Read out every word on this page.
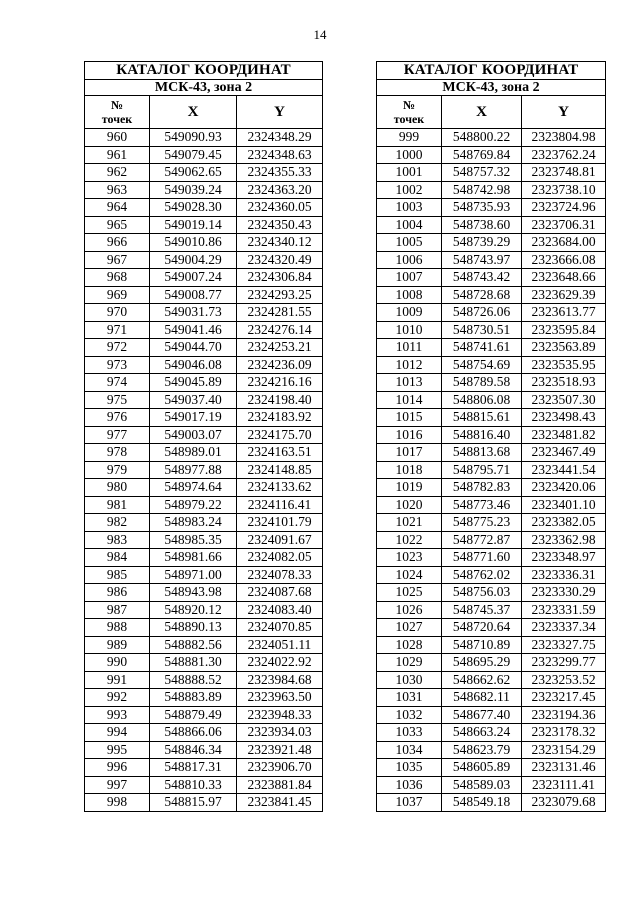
14
КАТАЛОГ КООРДИНАТ		
МСК-43, зона 2		
№
точек	X	Y
960	549090.93	2324348.29
961	549079.45	2324348.63
962	549062.65	2324355.33
963	549039.24	2324363.20
964	549028.30	2324360.05
965	549019.14	2324350.43
966	549010.86	2324340.12
967	549004.29	2324320.49
968	549007.24	2324306.84
969	549008.77	2324293.25
970	549031.73	2324281.55
971	549041.46	2324276.14
972	549044.70	2324253.21
973	549046.08	2324236.09
974	549045.89	2324216.16
975	549037.40	2324198.40
976	549017.19	2324183.92
977	549003.07	2324175.70
978	548989.01	2324163.51
979	548977.88	2324148.85
980	548974.64	2324133.62
981	548979.22	2324116.41
982	548983.24	2324101.79
983	548985.35	2324091.67
984	548981.66	2324082.05
985	548971.00	2324078.33
986	548943.98	2324087.68
987	548920.12	2324083.40
988	548890.13	2324070.85
989	548882.56	2324051.11
990	548881.30	2324022.92
991	548888.52	2323984.68
992	548883.89	2323963.50
993	548879.49	2323948.33
994	548866.06	2323934.03
995	548846.34	2323921.48
996	548817.31	2323906.70
997	548810.33	2323881.84
998	548815.97	2323841.45
КАТАЛОГ КООРДИНАТ		
МСК-43, зона 2		
№
точек	X	Y
999	548800.22	2323804.98
1000	548769.84	2323762.24
1001	548757.32	2323748.81
1002	548742.98	2323738.10
1003	548735.93	2323724.96
1004	548738.60	2323706.31
1005	548739.29	2323684.00
1006	548743.97	2323666.08
1007	548743.42	2323648.66
1008	548728.68	2323629.39
1009	548726.06	2323613.77
1010	548730.51	2323595.84
1011	548741.61	2323563.89
1012	548754.69	2323535.95
1013	548789.58	2323518.93
1014	548806.08	2323507.30
1015	548815.61	2323498.43
1016	548816.40	2323481.82
1017	548813.68	2323467.49
1018	548795.71	2323441.54
1019	548782.83	2323420.06
1020	548773.46	2323401.10
1021	548775.23	2323382.05
1022	548772.87	2323362.98
1023	548771.60	2323348.97
1024	548762.02	2323336.31
1025	548756.03	2323330.29
1026	548745.37	2323331.59
1027	548720.64	2323337.34
1028	548710.89	2323327.75
1029	548695.29	2323299.77
1030	548662.62	2323253.52
1031	548682.11	2323217.45
1032	548677.40	2323194.36
1033	548663.24	2323178.32
1034	548623.79	2323154.29
1035	548605.89	2323131.46
1036	548589.03	2323111.41
1037	548549.18	2323079.68
